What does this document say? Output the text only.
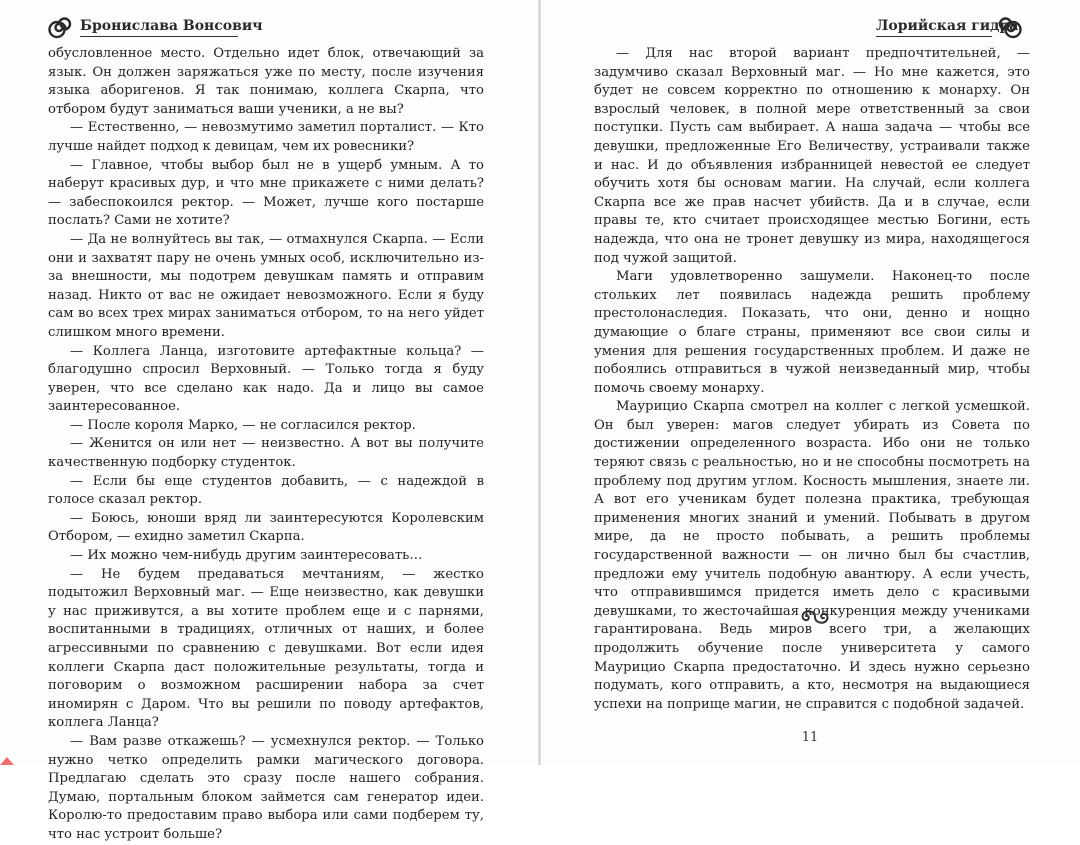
Бронислава Вонсович

обусловленное место. Отдельно идет блок, отвечающий за язык. Он должен заряжаться уже по месту, после изучения языка аборигенов. Я так понимаю, коллега Скарпа, что отбором будут заниматься ваши ученики, а не вы?

— Естественно, — невозмутимо заметил порталист. — Кто лучше найдет подход к девицам, чем их ровесники?

— Главное, чтобы выбор был не в ущерб умным. А то наберут красивых дур, и что мне прикажете с ними делать? — забеспокоился ректор. — Может, лучше кого постарше послать? Сами не хотите?

— Да не волнуйтесь вы так, — отмахнулся Скарпа. — Если они и захватят пару не очень умных особ, исключительно из-за внешности, мы подотрем девушкам память и отправим назад. Никто от вас не ожидает невозможного. Если я буду сам во всех трех мирах заниматься отбором, то на него уйдет слишком много времени.

— Коллега Ланца, изготовите артефактные кольца? — благодушно спросил Верховный. — Только тогда я буду уверен, что все сделано как надо. Да и лицо вы самое заинтересованное.

— После короля Марко, — не согласился ректор.

— Женится он или нет — неизвестно. А вот вы получите качественную подборку студенток.

— Если бы еще студентов добавить, — с надеждой в голосе сказал ректор.

— Боюсь, юноши вряд ли заинтересуются Королевским Отбором, — ехидно заметил Скарпа.

— Их можно чем-нибудь другим заинтересовать…

— Не будем предаваться мечтаниям, — жестко подытожил Верховный маг. — Еще неизвестно, как девушки у нас приживутся, а вы хотите проблем еще и с парнями, воспитанными в традициях, отличных от наших, и более агрессивными по сравнению с девушками. Вот если идея коллеги Скарпа даст положительные результаты, тогда и поговорим о возможном расширении набора за счет иномирян с Даром. Что вы решили по поводу артефактов, коллега Ланца?

— Вам разве откажешь? — усмехнулся ректор. — Только нужно четко определить рамки магического договора. Предлагаю сделать это сразу после нашего собрания. Думаю, портальным блоком займется сам генератор идеи. Королю-то предоставим право выбора или сами подберем ту, что нас устроит больше?

Лорийская гидра

— Для нас второй вариант предпочтительней, — задумчиво сказал Верховный маг. — Но мне кажется, это будет не совсем корректно по отношению к монарху. Он взрослый человек, в полной мере ответственный за свои поступки. Пусть сам выбирает. А наша задача — чтобы все девушки, предложенные Его Величеству, устраивали также и нас. И до объявления избранницей невестой ее следует обучить хотя бы основам магии. На случай, если коллега Скарпа все же прав насчет убийств. Да и в случае, если правы те, кто считает происходящее местью Богини, есть надежда, что она не тронет девушку из мира, находящегося под чужой защитой.

Маги удовлетворенно зашумели. Наконец-то после стольких лет появилась надежда решить проблему престолонаследия. Показать, что они, денно и нощно думающие о благе страны, применяют все свои силы и умения для решения государственных проблем. И даже не побоялись отправиться в чужой неизведанный мир, чтобы помочь своему монарху.

Маурицио Скарпа смотрел на коллег с легкой усмешкой. Он был уверен: магов следует убирать из Совета по достижении определенного возраста. Ибо они не только теряют связь с реальностью, но и не способны посмотреть на проблему под другим углом. Косность мышления, знаете ли. А вот его ученикам будет полезна практика, требующая применения многих знаний и умений. Побывать в другом мире, да не просто побывать, а решить проблемы государственной важности — он лично был бы счастлив, предложи ему учитель подобную авантюру. А если учесть, что отправившимся придется иметь дело с красивыми девушками, то жесточайшая конкуренция между учениками гарантирована. Ведь миров всего три, а желающих продолжить обучение после университета у самого Маурицио Скарпа предостаточно. И здесь нужно серьезно подумать, кого отправить, а кто, несмотря на выдающиеся успехи на поприще магии, не справится с подобной задачей.

11
